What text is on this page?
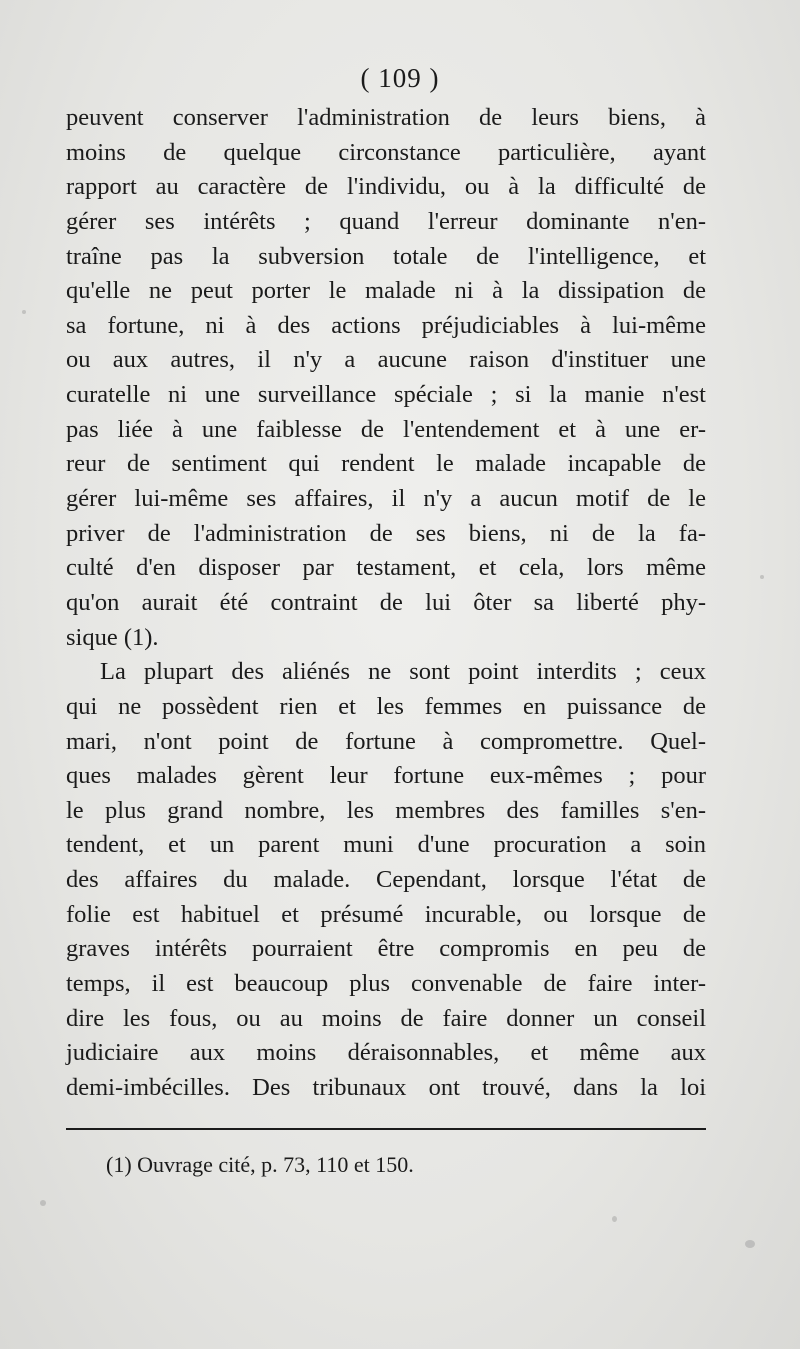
( 109 )
peuvent conserver l'administration de leurs biens, à
moins de quelque circonstance particulière, ayant
rapport au caractère de l'individu, ou à la difficulté de
gérer ses intérêts ; quand l'erreur dominante n'en-
traîne pas la subversion totale de l'intelligence, et
qu'elle ne peut porter le malade ni à la dissipation de
sa fortune, ni à des actions préjudiciables à lui-même
ou aux autres, il n'y a aucune raison d'instituer une
curatelle ni une surveillance spéciale ; si la manie n'est
pas liée à une faiblesse de l'entendement et à une er-
reur de sentiment qui rendent le malade incapable de
gérer lui-même ses affaires, il n'y a aucun motif de le
priver de l'administration de ses biens, ni de la fa-
culté d'en disposer par testament, et cela, lors même
qu'on aurait été contraint de lui ôter sa liberté phy-
sique (1).
La plupart des aliénés ne sont point interdits ; ceux
qui ne possèdent rien et les femmes en puissance de
mari, n'ont point de fortune à compromettre. Quel-
ques malades gèrent leur fortune eux-mêmes ; pour
le plus grand nombre, les membres des familles s'en-
tendent, et un parent muni d'une procuration a soin
des affaires du malade. Cependant, lorsque l'état de
folie est habituel et présumé incurable, ou lorsque de
graves intérêts pourraient être compromis en peu de
temps, il est beaucoup plus convenable de faire inter-
dire les fous, ou au moins de faire donner un conseil
judiciaire aux moins déraisonnables, et même aux
demi-imbécilles. Des tribunaux ont trouvé, dans la loi
(1) Ouvrage cité, p. 73, 110 et 150.
